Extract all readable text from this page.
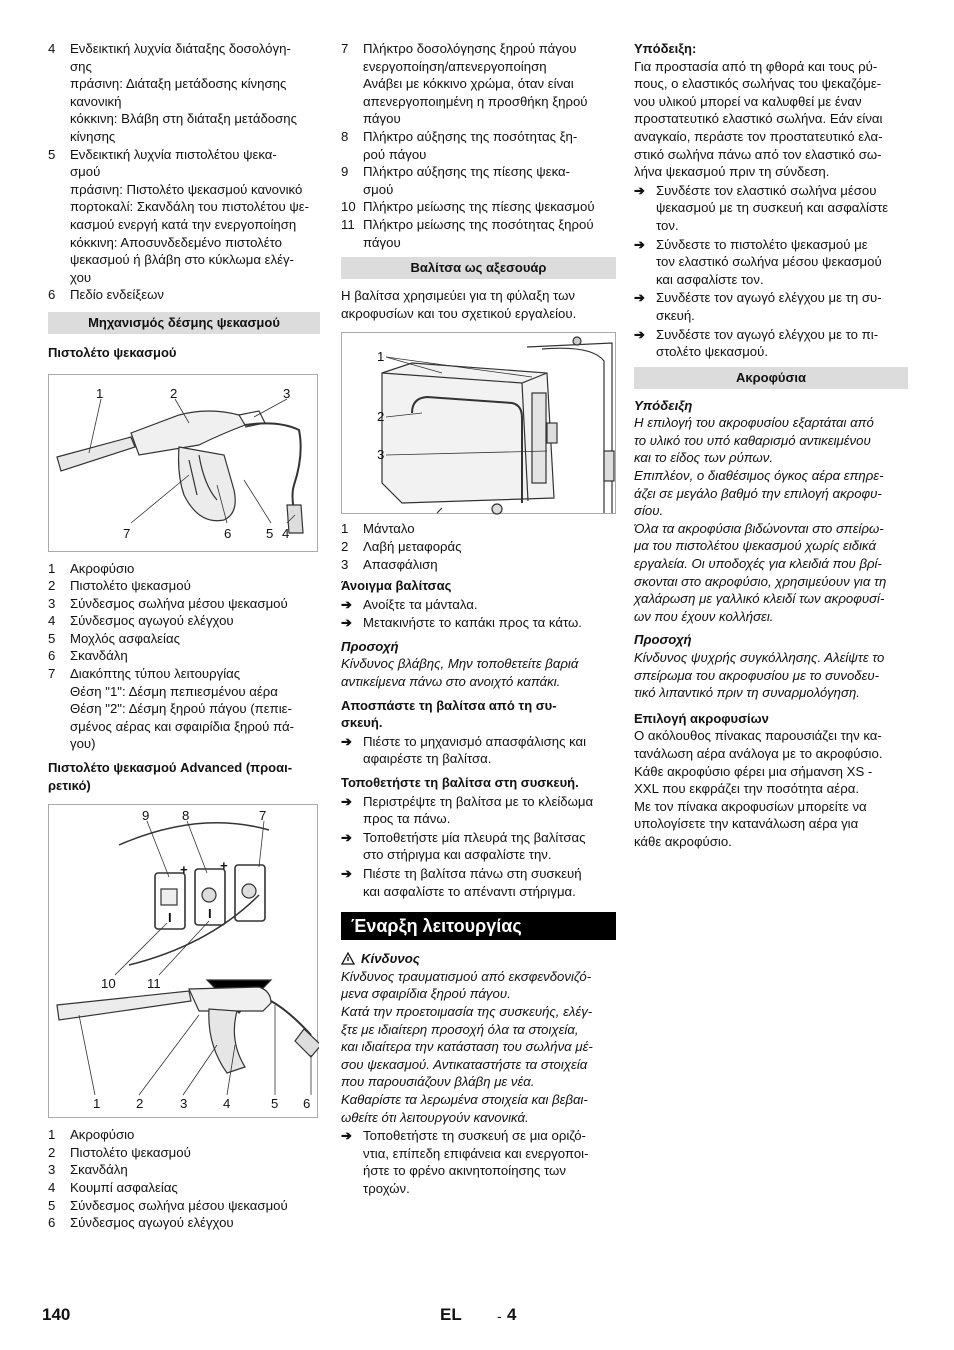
4	Ενδεικτική λυχνία διάταξης δοσολόγη-
σης
πράσινη: Διάταξη μετάδοσης κίνησης
κανονική
κόκκινη: Βλάβη στη διάταξη μετάδοσης
κίνησης
5	Ενδεικτική λυχνία πιστολέτου ψεκα-
σμού
πράσινη: Πιστολέτο ψεκασμού κανονικό
πορτοκαλί: Σκανδάλη του πιστολέτου ψε-
κασμού ενεργή κατά την ενεργοποίηση
κόκκινη: Αποσυνδεδεμένο πιστολέτο
ψεκασμού ή βλάβη στο κύκλωμα ελέγ-
χου
6	Πεδίο ενδείξεων
Μηχανισμός δέσμης ψεκασμού
Πιστολέτο ψεκασμού
1	2	3
7	6	5 4
1	Ακροφύσιο
2	Πιστολέτο ψεκασμού
3	Σύνδεσμος σωλήνα μέσου ψεκασμού
4	Σύνδεσμος αγωγού ελέγχου
5	Μοχλός ασφαλείας
6	Σκανδάλη
7	Διακόπτης τύπου λειτουργίας
Θέση "1": Δέσμη πεπιεσμένου αέρα
Θέση "2": Δέσμη ξηρού πάγου (πεπιε-
σμένος αέρας και σφαιρίδια ξηρού πά-
γου)
Πιστολέτο ψεκασμού Advanced (προαι-
ρετικό)
9 8	7
10 11
1	2	3	4	5 6
+ +
I	I
1	Ακροφύσιο
2	Πιστολέτο ψεκασμού
3	Σκανδάλη
4	Κουμπί ασφαλείας
5	Σύνδεσμος σωλήνα μέσου ψεκασμού
6	Σύνδεσμος αγωγού ελέγχου
7	Πλήκτρο δοσολόγησης ξηρού πάγου
ενεργοποίηση/απενεργοποίηση
Ανάβει με κόκκινο χρώμα, όταν είναι
απενεργοποιημένη η προσθήκη ξηρού
πάγου
8	Πλήκτρο αύξησης της ποσότητας ξη-
ρού πάγου
9	Πλήκτρο αύξησης της πίεσης ψεκα-
σμού
10 Πλήκτρο μείωσης της πίεσης ψεκασμού
11 Πλήκτρο μείωσης της ποσότητας ξηρού
πάγου
Βαλίτσα ως αξεσουάρ

Η βαλίτσα χρησιμεύει για τη φύλαξη των
ακροφυσίων και του σχετικού εργαλείου.

1
2
3
1	Μάνταλο
2	Λαβή μεταφοράς
3	Απασφάλιση
Άνοιγμα βαλίτσας
➔ Ανοίξτε τα μάνταλα.
➔ Μετακινήστε το καπάκι προς τα κάτω.
Προσοχή

Κίνδυνος βλάβης, Μην τοποθετείτε βαριά
αντικείμενα πάνω στο ανοιχτό καπάκι.

Αποσπάστε τη βαλίτσα από τη συ-
σκευή.
➔ Πιέστε το μηχανισμό απασφάλισης και
αφαιρέστε τη βαλίτσα.
Τοποθετήστε τη βαλίτσα στη συσκευή.
➔ Περιστρέψτε τη βαλίτσα με το κλείδωμα
προς τα πάνω.
➔ Τοποθετήστε μία πλευρά της βαλίτσας
στο στήριγμα και ασφαλίστε την.
➔ Πιέστε τη βαλίτσα πάνω στη συσκευή
και ασφαλίστε το απέναντι στήριγμα.
Έναρξη λειτουργίας
Κίνδυνος

Κίνδυνος τραυματισμού από εκσφενδονιζό-
μενα σφαιρίδια ξηρού πάγου.
Κατά την προετοιμασία της συσκευής, ελέγ-
ξτε με ιδιαίτερη προσοχή όλα τα στοιχεία,
και ιδιαίτερα την κατάσταση του σωλήνα μέ-
σου ψεκασμού. Αντικαταστήστε τα στοιχεία
που παρουσιάζουν βλάβη με νέα.
Καθαρίστε τα λερωμένα στοιχεία και βεβαι-
ωθείτε ότι λειτουργούν κανονικά.

➔ Τοποθετήστε τη συσκευή σε μια οριζό-
ντια, επίπεδη επιφάνεια και ενεργοποι-
ήστε το φρένο ακινητοποίησης των
τροχών.
Υπόδειξη:

Για προστασία από τη φθορά και τους ρύ-
πους, ο ελαστικός σωλήνας του ψεκαζόμε-
νου υλικού μπορεί να καλυφθεί με έναν
προστατευτικό ελαστικό σωλήνα. Εάν είναι
αναγκαίο, περάστε τον προστατευτικό ελα-
στικό σωλήνα πάνω από τον ελαστικό σω-
λήνα ψεκασμού πριν τη σύνδεση.

➔ Συνδέστε τον ελαστικό σωλήνα μέσου
ψεκασμού με τη συσκευή και ασφαλίστε
τον.
➔ Σύνδεστε το πιστολέτο ψεκασμού με
τον ελαστικό σωλήνα μέσου ψεκασμού
και ασφαλίστε τον.
➔ Συνδέστε τον αγωγό ελέγχου με τη συ-
σκευή.
➔ Συνδέστε τον αγωγό ελέγχου με το πι-
στολέτο ψεκασμού.
Ακροφύσια
Υπόδειξη

Η επιλογή του ακροφυσίου εξαρτάται από
το υλικό του υπό καθαρισμό αντικειμένου
και το είδος των ρύπων.
Επιπλέον, ο διαθέσιμος όγκος αέρα επηρε-
άζει σε μεγάλο βαθμό την επιλογή ακροφυ-
σίου.
Όλα τα ακροφύσια βιδώνονται στο σπείρω-
μα του πιστολέτου ψεκασμού χωρίς ειδικά
εργαλεία. Οι υποδοχές για κλειδιά που βρί-
σκονται στο ακροφύσιο, χρησιμεύουν για τη
χαλάρωση με γαλλικό κλειδί των ακροφυσί-
ων που έχουν κολλήσει.

Προσοχή

Κίνδυνος ψυχρής συγκόλλησης. Αλείψτε το
σπείρωμα του ακροφυσίου με το συνοδευ-
τικό λιπαντικό πριν τη συναρμολόγηση.

Επιλογή ακροφυσίων

Ο ακόλουθος πίνακας παρουσιάζει την κα-
τανάλωση αέρα ανάλογα με το ακροφύσιο.
Κάθε ακροφύσιο φέρει μια σήμανση XS -
XXL που εκφράζει την ποσότητα αέρα.
Με τον πίνακα ακροφυσίων μπορείτε να
υπολογίσετε την κατανάλωση αέρα για
κάθε ακροφύσιο.

140	EL	- 4
